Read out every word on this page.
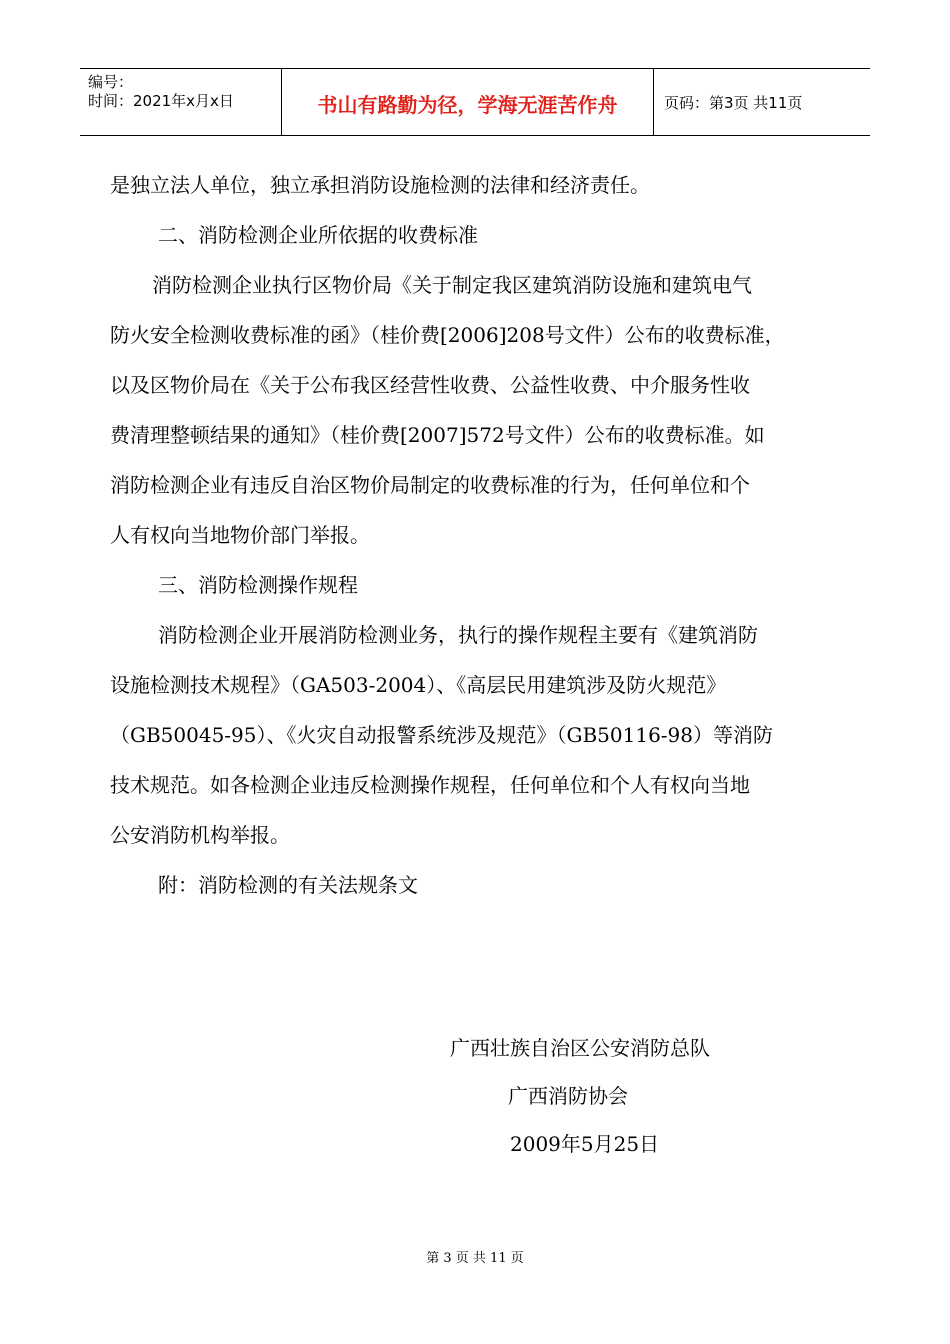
编号：
时间：2021年x月x日	书山有路勤为径，学海无涯苦作舟	页码：第3页 共11页
是独立法人单位，独立承担消防设施检测的法律和经济责任。
二、消防检测企业所依据的收费标准
消防检测企业执行区物价局《关于制定我区建筑消防设施和建筑电气
防火安全检测收费标准的函》（桂价费[2006]208号文件）公布的收费标准，
以及区物价局在《关于公布我区经营性收费、公益性收费、中介服务性收
费清理整顿结果的通知》（桂价费[2007]572号文件）公布的收费标准。如
消防检测企业有违反自治区物价局制定的收费标准的行为，任何单位和个
人有权向当地物价部门举报。
三、消防检测操作规程
消防检测企业开展消防检测业务，执行的操作规程主要有《建筑消防
设施检测技术规程》（GA503-2004）、《高层民用建筑涉及防火规范》
（GB50045-95）、《火灾自动报警系统涉及规范》（GB50116-98）等消防
技术规范。如各检测企业违反检测操作规程，任何单位和个人有权向当地
公安消防机构举报。
附：消防检测的有关法规条文
广西壮族自治区公安消防总队
广西消防协会
2009年5月25日
第 3 页 共 11 页
